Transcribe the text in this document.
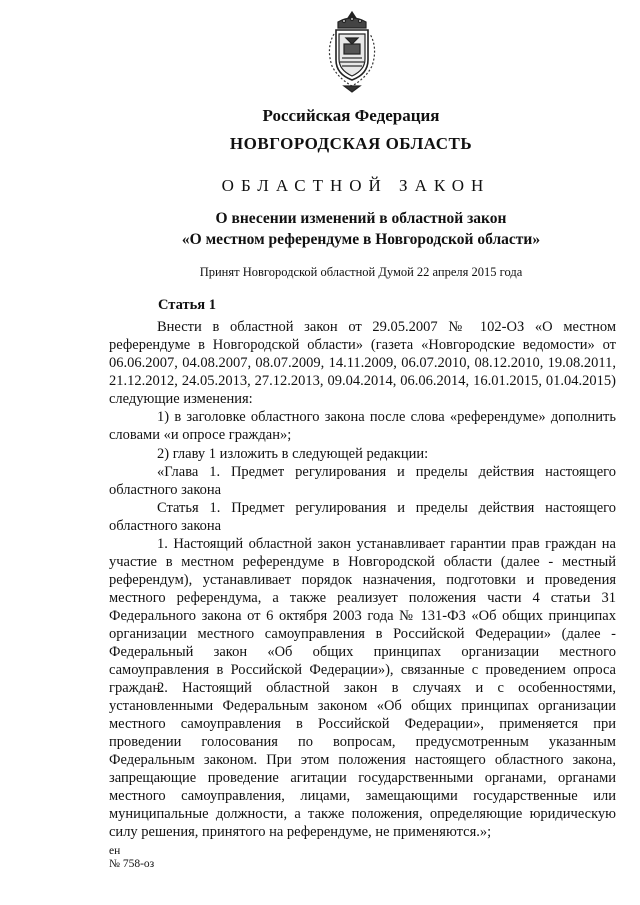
Российская Федерация
НОВГОРОДСКАЯ ОБЛАСТЬ
ОБЛАСТНОЙ ЗАКОН
О внесении изменений в областной закон
«О местном референдуме в Новгородской области»
Принят Новгородской областной Думой 22 апреля 2015 года
Статья 1

Внести в областной закон от 29.05.2007 № 102-ОЗ «О местном референдуме в Новгородской области» (газета «Новгородские ведомости» от 06.06.2007, 04.08.2007, 08.07.2009, 14.11.2009, 06.07.2010, 08.12.2010, 19.08.2011, 21.12.2012, 24.05.2013, 27.12.2013, 09.04.2014, 06.06.2014, 16.01.2015, 01.04.2015) следующие изменения:

1) в заголовке областного закона после слова «референдуме» дополнить словами «и опросе граждан»;

2) главу 1 изложить в следующей редакции:

«Глава 1. Предмет регулирования и пределы действия настоящего областного закона

Статья 1. Предмет регулирования и пределы действия настоящего областного закона

1. Настоящий областной закон устанавливает гарантии прав граждан на участие в местном референдуме в Новгородской области (далее - местный референдум), устанавливает порядок назначения, подготовки и проведения местного референдума, а также реализует положения части 4 статьи 31 Федерального закона от 6 октября 2003 года № 131-ФЗ «Об общих принципах организации местного самоуправления в Российской Федерации» (далее - Федеральный закон «Об общих принципах организации местного самоуправления в Российской Федерации»), связанные с проведением опроса граждан.

2. Настоящий областной закон в случаях и с особенностями, установленными Федеральным законом «Об общих принципах организации местного самоуправления в Российской Федерации», применяется при проведении голосования по вопросам, предусмотренным указанным Федеральным законом. При этом положения настоящего областного закона, запрещающие проведение агитации государственными органами, органами местного самоуправления, лицами, замещающими государственные или муниципальные должности, а также положения, определяющие юридическую силу решения, принятого на референдуме, не применяются.»;

ен
№ 758-оз
